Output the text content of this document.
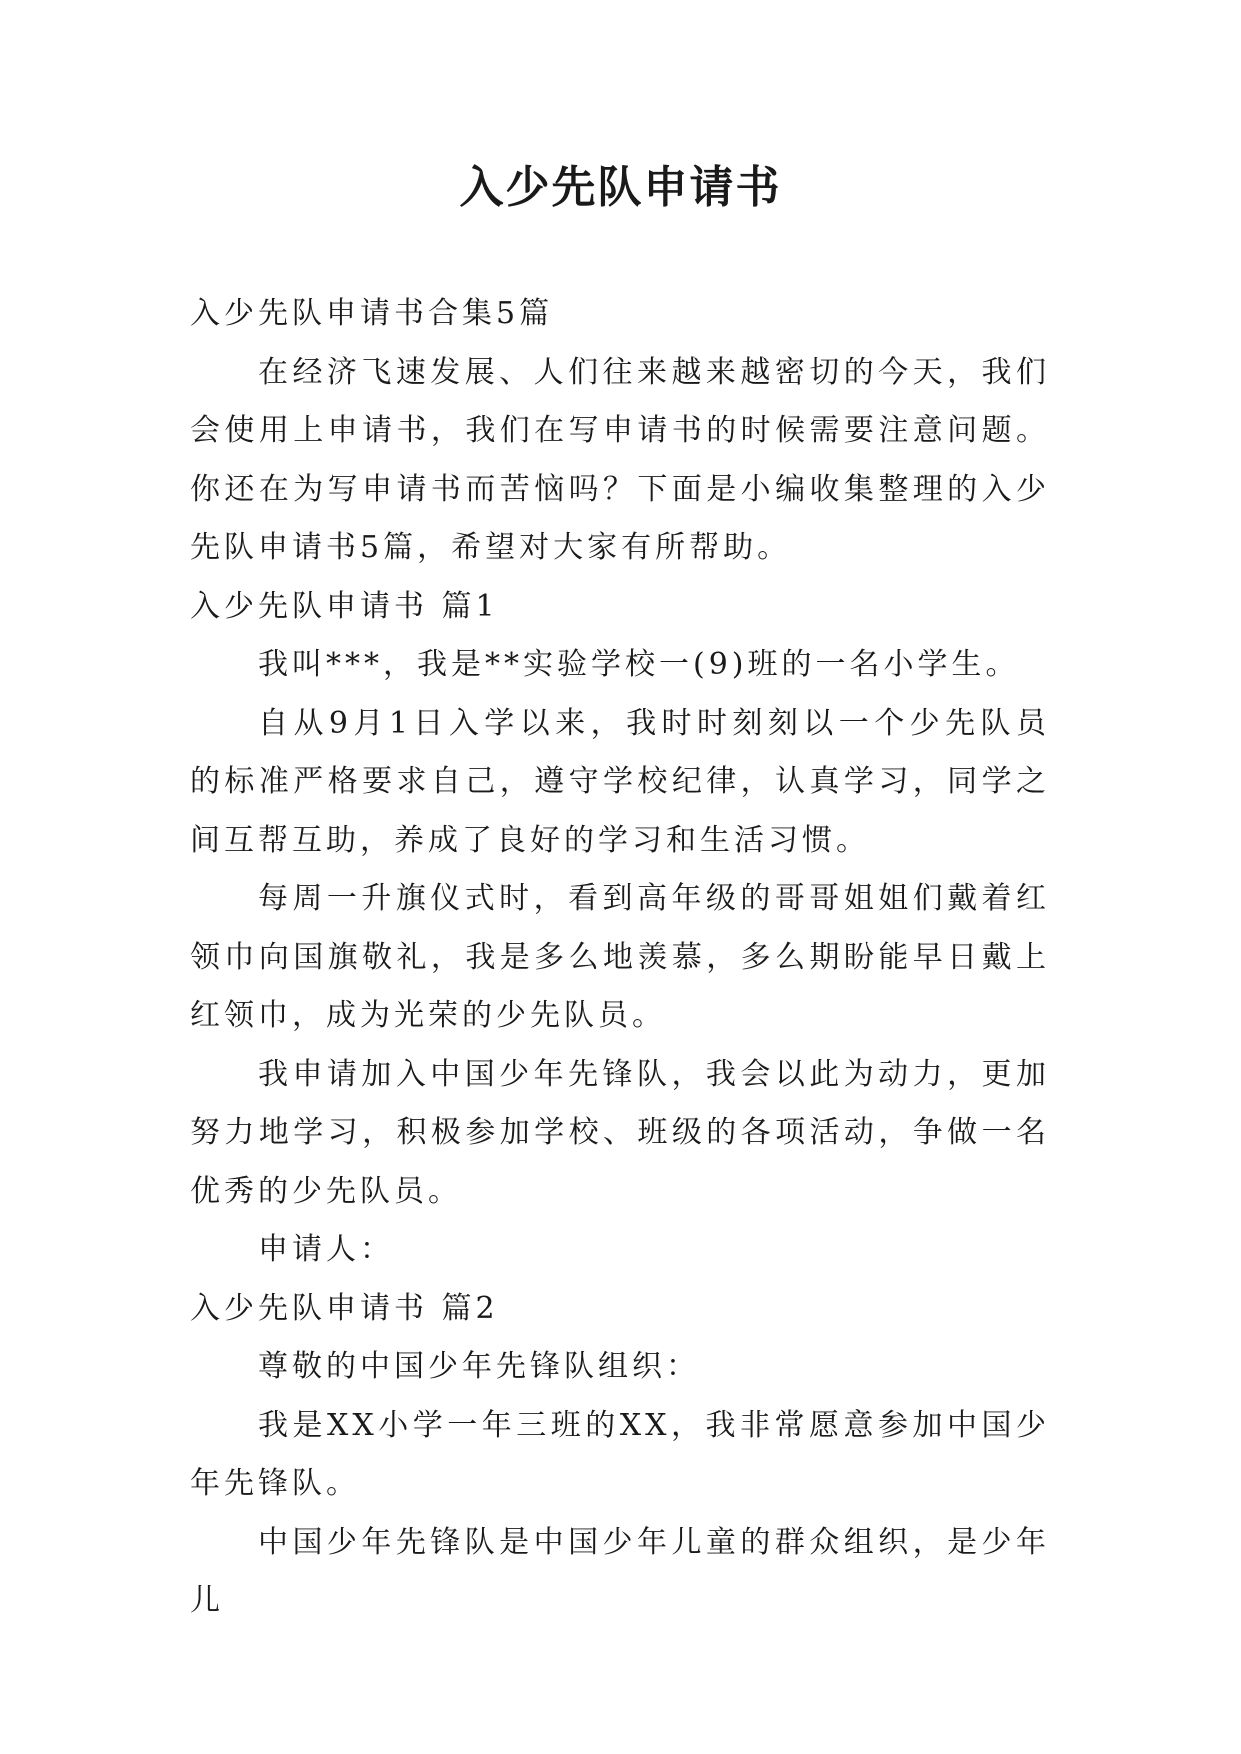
入少先队申请书

入少先队申请书合集5篇

在经济飞速发展、人们往来越来越密切的今天，我们会使用上申请书，我们在写申请书的时候需要注意问题。你还在为写申请书而苦恼吗？下面是小编收集整理的入少先队申请书5篇，希望对大家有所帮助。

入少先队申请书 篇1

我叫***，我是**实验学校一(9)班的一名小学生。

自从9月1日入学以来，我时时刻刻以一个少先队员的标准严格要求自己，遵守学校纪律，认真学习，同学之间互帮互助，养成了良好的学习和生活习惯。

每周一升旗仪式时，看到高年级的哥哥姐姐们戴着红领巾向国旗敬礼，我是多么地羡慕，多么期盼能早日戴上红领巾，成为光荣的少先队员。

我申请加入中国少年先锋队，我会以此为动力，更加努力地学习，积极参加学校、班级的各项活动，争做一名优秀的少先队员。

申请人：

入少先队申请书 篇2

尊敬的中国少年先锋队组织：

我是XX小学一年三班的XX，我非常愿意参加中国少年先锋队。

中国少年先锋队是中国少年儿童的群众组织，是少年儿
